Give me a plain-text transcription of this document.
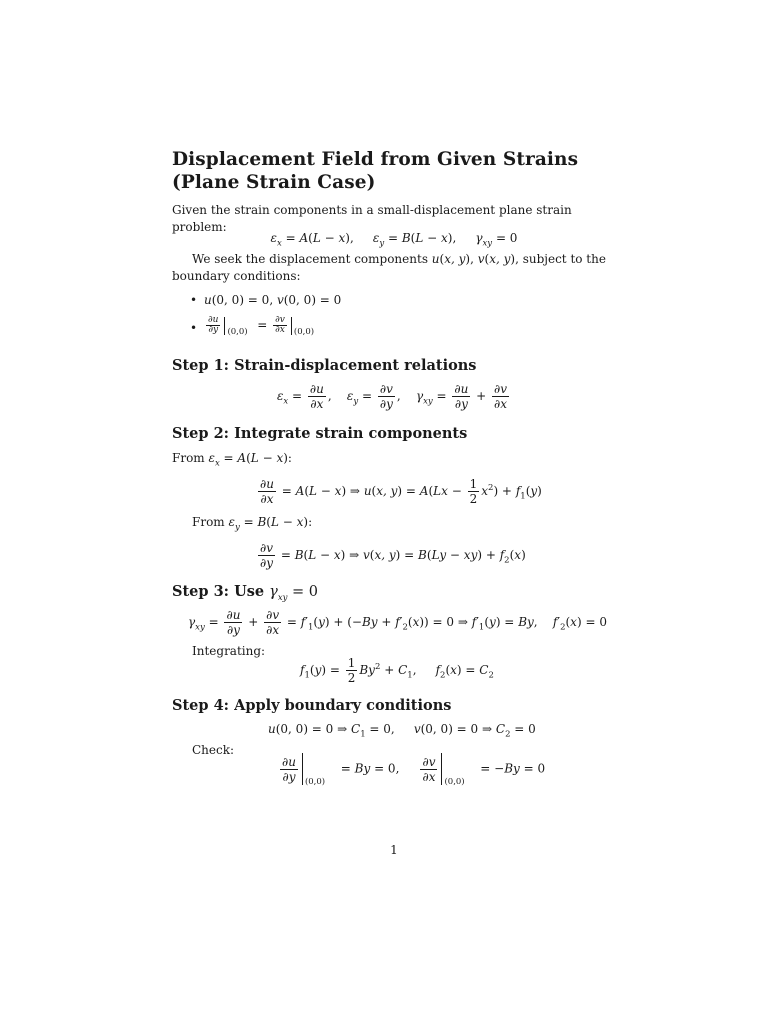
Displacement Field from Given Strains (Plane Strain Case)

Given the strain components in a small-displacement plane strain problem:

$\varepsilon_x = A(L - x)$,     $\varepsilon_y = B(L - x)$,     $\gamma_{xy} = 0$

We seek the displacement components u(x, y), v(x, y), subject to the boundary conditions:

• u(0, 0) = 0, v(0, 0) = 0
• $\frac{\partial u}{\partial y} (0,0) = \frac{\partial v}{\partial x} (0,0)$
Step 1: Strain-displacement relations
$\varepsilon_x = \frac{\partial u}{\partial x}$ ,    $\varepsilon_y = \frac{\partial v}{\partial y}$ ,    $\gamma_{xy} = \frac{\partial u}{\partial y} + \frac{\partial v}{\partial x}$
Step 2: Integrate strain components
From $\varepsilon_x = A(L - x)$:
$\frac{\partial u}{\partial x} = A(L - x)$ ⇒ u(x, $y) = A(Lx - \frac{1}{2} x^2) + f_1(y)$
From $\varepsilon_y = B(L - x)$:
$\frac{\partial v}{\partial y} = B(L - x)$ ⇒ v(x, $y) = B(Ly - xy) + f_2(x)$
Step 3: Use $\gamma_{xy} = 0$
$\gamma_{xy} = \frac{\partial u}{\partial y} + \frac{\partial v}{\partial x} = f'_1(y) + (-By + f'_2(x)) = 0$ ⇒ $f'_1(y) = By$,    $f'_2(x) = 0$
Integrating:
$f_1(y) = \frac{1}{2} By^2 + C_1$,     $f_2(x) = C_2$
Step 4: Apply boundary conditions
u(0, 0) = 0 ⇒ $C_1 = 0$,     v(0, 0) = 0 ⇒ $C_2 = 0$
Check:
$\frac{\partial u}{\partial y} (0,0)$
= By = 0, $\frac{\partial v}{\partial x} (0,0)$
= −By = 0
1
